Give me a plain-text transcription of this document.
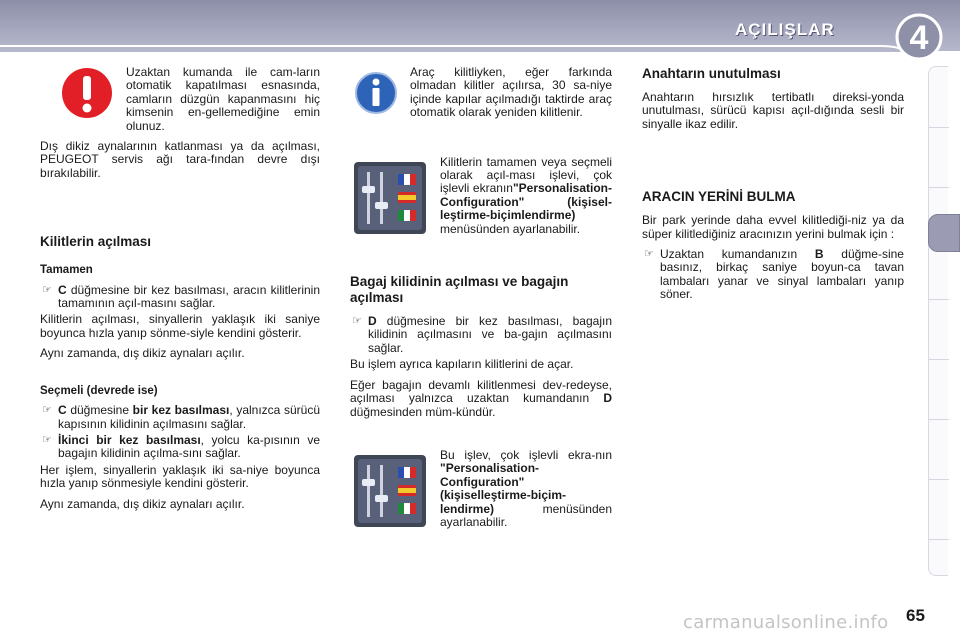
AÇILIŞLAR	4

Uzaktan kumanda ile cam-ların otomatik kapatılması esnasında, camların düzgün kapanmasını hiç kimsenin en-gellemediğine emin olunuz.

Dış dikiz aynalarının katlanması ya da açılması, PEUGEOT servis ağı tara-fından devre dışı bırakılabilir.

Kilitlerin açılması
Tamamen
☞ C düğmesine bir kez basılması, aracın kilitlerinin tamamının açıl-masını sağlar.

Kilitlerin açılması, sinyallerin yaklaşık iki saniye boyunca hızla yanıp sönme-siyle kendini gösterir.

Aynı zamanda, dış dikiz aynaları açılır.

Seçmeli (devrede ise)
☞ C düğmesine bir kez basılması, yalnızca sürücü kapısının kilidinin açılmasını sağlar.
☞ İkinci bir kez basılması, yolcu ka-pısının ve bagajın kilidinin açılma-sını sağlar.

Her işlem, sinyallerin yaklaşık iki sa-niye boyunca hızla yanıp sönmesiyle kendini gösterir.

Aynı zamanda, dış dikiz aynaları açılır.

Araç kilitliyken, eğer farkında olmadan kilitler açılırsa, 30 sa-niye içinde kapılar açılmadığı taktirde araç otomatik olarak yeniden kilitlenir.

Kilitlerin tamamen veya seçmeli olarak açıl-ması işlevi, çok işlevli ekranın"Personalisation-Configuration" (kişisel-leştirme-biçimlendirme) menüsünden ayarlanabilir.

Bagaj kilidinin açılması ve bagajın açılması
☞ D düğmesine bir kez basılması, bagajın kilidinin açılmasını ve ba-gajın açılmasını sağlar.

Bu işlem ayrıca kapıların kilitlerini de açar.

Eğer bagajın devamlı kilitlenmesi dev-redeyse, açılması yalnızca uzaktan kumandanın D düğmesinden müm-kündür.

Bu işlev, çok işlevli ekra-nın "Personalisation-Configuration" (kişiselleştirme-biçim-lendirme) menüsünden ayarlanabilir.

Anahtarın unutulması

Anahtarın hırsızlık tertibatlı direksi-yonda unutulması, sürücü kapısı açıl-dığında sesli bir sinyalle ikaz edilir.

ARACIN YERİNİ BULMA

Bir park yerinde daha evvel kilitlediği-niz ya da süper kilitlediğiniz aracınızın yerini bulmak için :

☞ Uzaktan kumandanızın B düğme-sine basınız, birkaç saniye boyun-ca tavan lambaları yanar ve sinyal lambaları yanıp söner.
carmanualsonline.info 65
